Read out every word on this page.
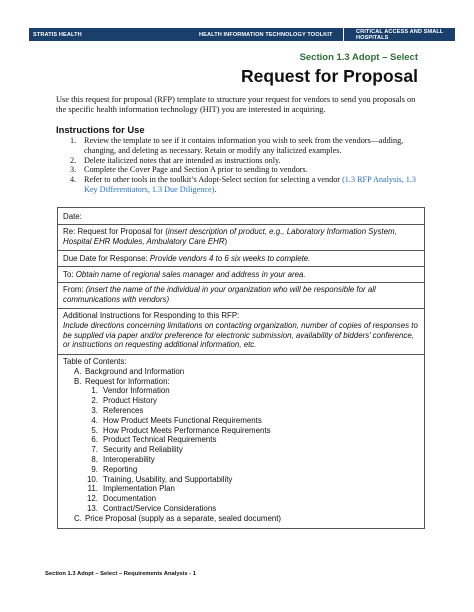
STRATIS HEALTH	HEALTH INFORMATION TECHNOLOGY TOOLKIT	CRITICAL ACCESS AND SMALL HOSPITALS
Section 1.3 Adopt – Select
Request for Proposal

Use this request for proposal (RFP) template to structure your request for vendors to send you proposals on the specific health information technology (HIT) you are interested in acquiring.

Instructions for Use
1. Review the template to see if it contains information you wish to seek from the vendors—adding, changing, and deleting as necessary. Retain or modify any italicized examples.
2. Delete italicized notes that are intended as instructions only.
3. Complete the Cover Page and Section A prior to sending to vendors.
4. Refer to other tools in the toolkit’s Adopt-Select section for selecting a vendor (1.3 RFP Analysis, 1.3 Key Differentiators, 1.3 Due Diligence).
Date:
Re: Request for Proposal for (insert description of product, e.g., Laboratory Information System, Hospital EHR Modules, Ambulatory Care EHR)
Due Date for Response: Provide vendors 4 to 6 six weeks to complete.
To: Obtain name of regional sales manager and address in your area.
From: (insert the name of the individual in your organization who will be responsible for all communications with vendors)
Additional Instructions for Responding to this RFP:
Include directions concerning limitations on contacting organization, number of copies of responses to be supplied via paper and/or preference for electronic submission, availability of bidders’ conference, or instructions on requesting additional information, etc.
Table of Contents:
A. Background and Information
B. Request for Information:
1. Vendor Information
2. Product History
3. References
4. How Product Meets Functional Requirements
5. How Product Meets Performance Requirements
6. Product Technical Requirements
7. Security and Reliability
8. Interoperability
9. Reporting
10. Training, Usability, and Supportability
11. Implementation Plan
12. Documentation
13. Contract/Service Considerations
C. Price Proposal (supply as a separate, sealed document)
Section 1.3 Adopt – Select – Requirements Analysis - 1
